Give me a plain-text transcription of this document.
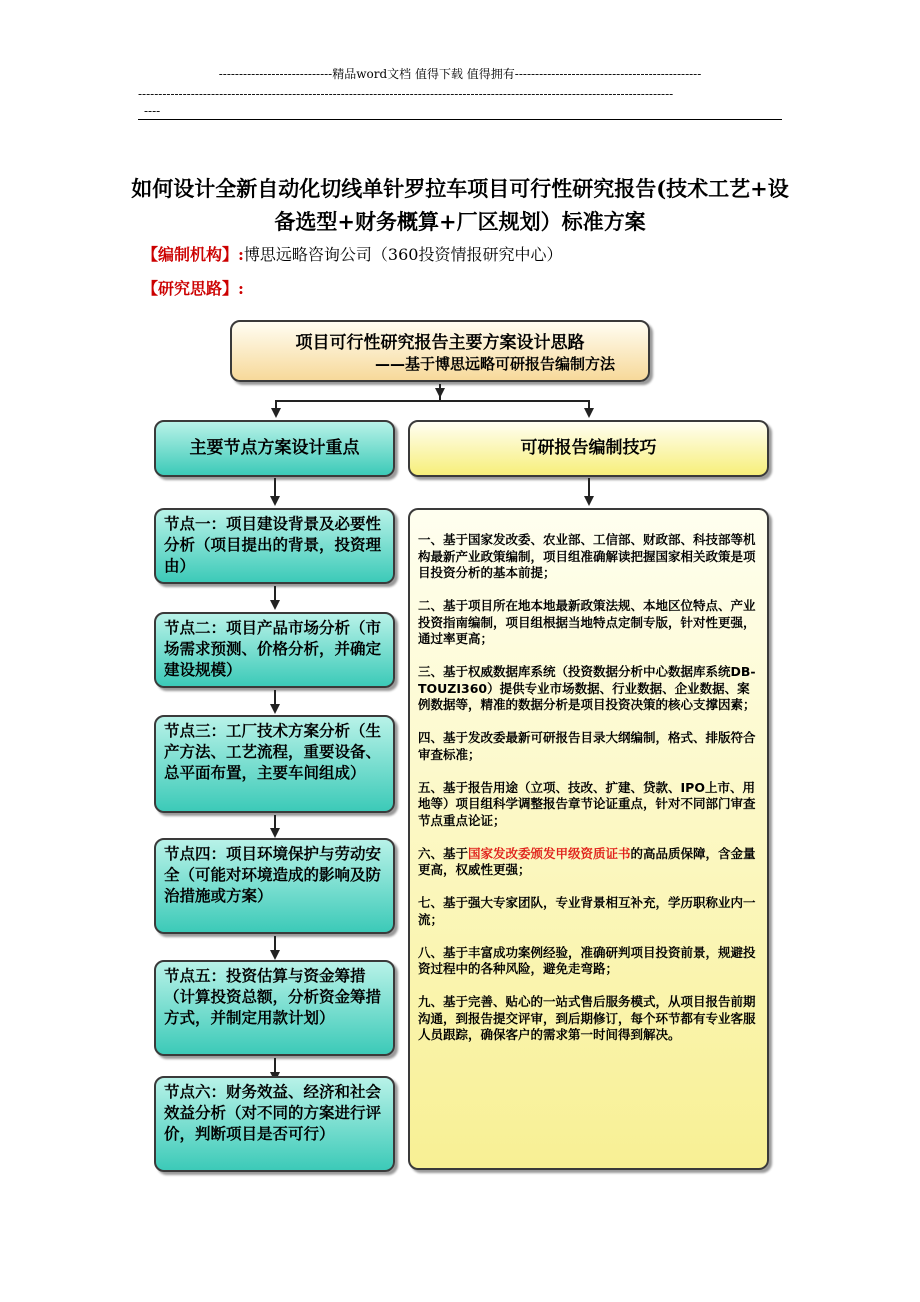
----------------------------精品word文档 值得下载 值得拥有----------------------------------------------
------------------------------------------------------------------------------------------------------------------------------------
----
如何设计全新自动化切线单针罗拉车项目可行性研究报告(技术工艺+设备选型+财务概算+厂区规划）标准方案
【编制机构】:博思远略咨询公司（360投资情报研究中心）
【研究思路】:
项目可行性研究报告主要方案设计思路
——基于博思远略可研报告编制方法
主要节点方案设计重点	可研报告编制技巧
节点一：项目建设背景及必要性分析（项目提出的背景，投资理由）
节点二：项目产品市场分析（市场需求预测、价格分析，并确定建设规模）
节点三：工厂技术方案分析（生产方法、工艺流程，重要设备、总平面布置，主要车间组成）
节点四：项目环境保护与劳动安全（可能对环境造成的影响及防治措施或方案）
节点五：投资估算与资金筹措（计算投资总额，分析资金筹措方式，并制定用款计划）
节点六：财务效益、经济和社会效益分析（对不同的方案进行评价，判断项目是否可行）
一、基于国家发改委、农业部、工信部、财政部、科技部等机构最新产业政策编制，项目组准确解读把握国家相关政策是项目投资分析的基本前提；
二、基于项目所在地本地最新政策法规、本地区位特点、产业投资指南编制，项目组根据当地特点定制专版，针对性更强，通过率更高；
三、基于权威数据库系统（投资数据分析中心数据库系统DB-TOUZI360）提供专业市场数据、行业数据、企业数据、案例数据等，精准的数据分析是项目投资决策的核心支撑因素；
四、基于发改委最新可研报告目录大纲编制，格式、排版符合审查标准；
五、基于报告用途（立项、技改、扩建、贷款、IPO上市、用地等）项目组科学调整报告章节论证重点，针对不同部门审查节点重点论证；
六、基于国家发改委颁发甲级资质证书的高品质保障，含金量更高，权威性更强；
七、基于强大专家团队，专业背景相互补充，学历职称业内一流；
八、基于丰富成功案例经验，准确研判项目投资前景，规避投资过程中的各种风险，避免走弯路；
九、基于完善、贴心的一站式售后服务模式，从项目报告前期沟通，到报告提交评审，到后期修订，每个环节都有专业客服人员跟踪，确保客户的需求第一时间得到解决。
